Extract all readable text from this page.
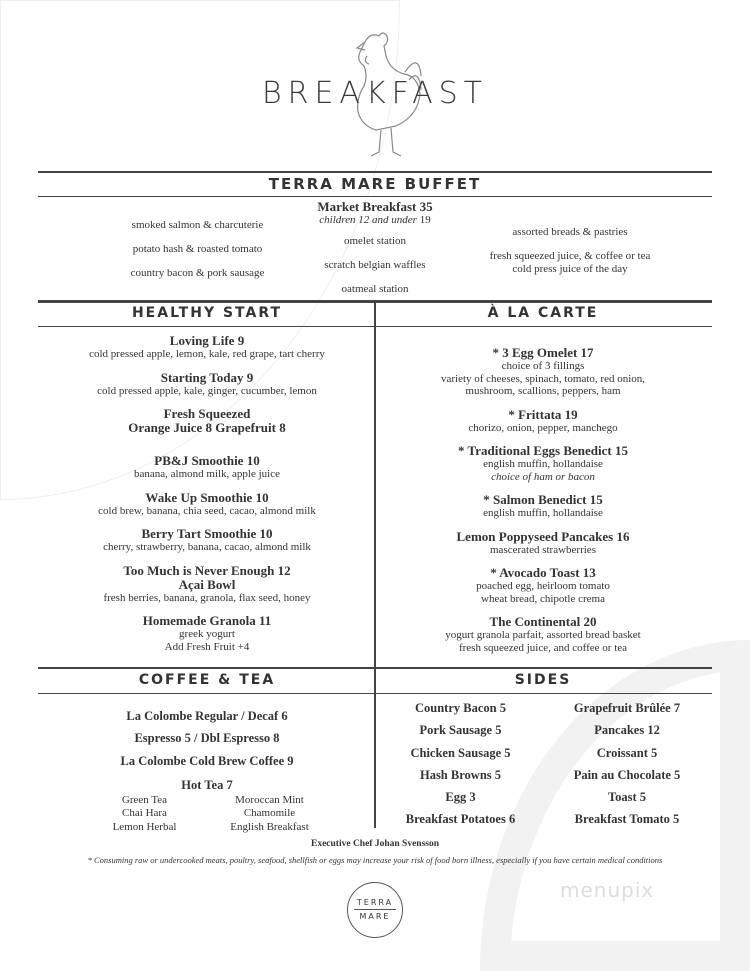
BREAKFAST
TERRA MARE BUFFET
smoked salmon & charcuterie
potato hash & roasted tomato
country bacon & pork sausage
Market Breakfast 35
children 12 and under 19
omelet station
scratch belgian waffles
oatmeal station
assorted breads & pastries
fresh squeezed juice, & coffee or tea
cold press juice of the day
HEALTHY START	À LA CARTE
Loving Life 9
cold pressed apple, lemon, kale, red grape, tart cherry
Starting Today 9
cold pressed apple, kale, ginger, cucumber, lemon
Fresh Squeezed
Orange Juice 8 Grapefruit 8
PB&J Smoothie 10
banana, almond milk, apple juice
Wake Up Smoothie 10
cold brew, banana, chia seed, cacao, almond milk
Berry Tart Smoothie 10
cherry, strawberry, banana, cacao, almond milk
Too Much is Never Enough 12
Açai Bowl
fresh berries, banana, granola, flax seed, honey
Homemade Granola 11
greek yogurt
Add Fresh Fruit +4
* 3 Egg Omelet 17
choice of 3 fillings
variety of cheeses, spinach, tomato, red onion,
mushroom, scallions, peppers, ham
* Frittata 19
chorizo, onion, pepper, manchego
* Traditional Eggs Benedict 15
english muffin, hollandaise
choice of ham or bacon
* Salmon Benedict 15
english muffin, hollandaise
Lemon Poppyseed Pancakes 16
mascerated strawberries
* Avocado Toast 13
poached egg, heirloom tomato
wheat bread, chipotle crema
The Continental 20
yogurt granola parfait, assorted bread basket
fresh squeezed juice, and coffee or tea
COFFEE & TEA	SIDES
La Colombe Regular / Decaf 6
Espresso 5 / Dbl Espresso 8
La Colombe Cold Brew Coffee 9
Hot Tea 7
Green Tea	Moroccan Mint
Chai Hara	Chamomile
Lemon Herbal	English Breakfast
Country Bacon 5
Pork Sausage 5
Chicken Sausage 5
Hash Browns 5
Egg 3
Breakfast Potatoes 6
Grapefruit Brûlée 7
Pancakes 12
Croissant 5
Pain au Chocolate 5
Toast 5
Breakfast Tomato 5
Executive Chef Johan Svensson
* Consuming raw or undercooked meats, poultry, seafood, shellfish or eggs may increase your risk of food born illness, especially if you have certain medical conditions
TERRA
MARE
menupix
